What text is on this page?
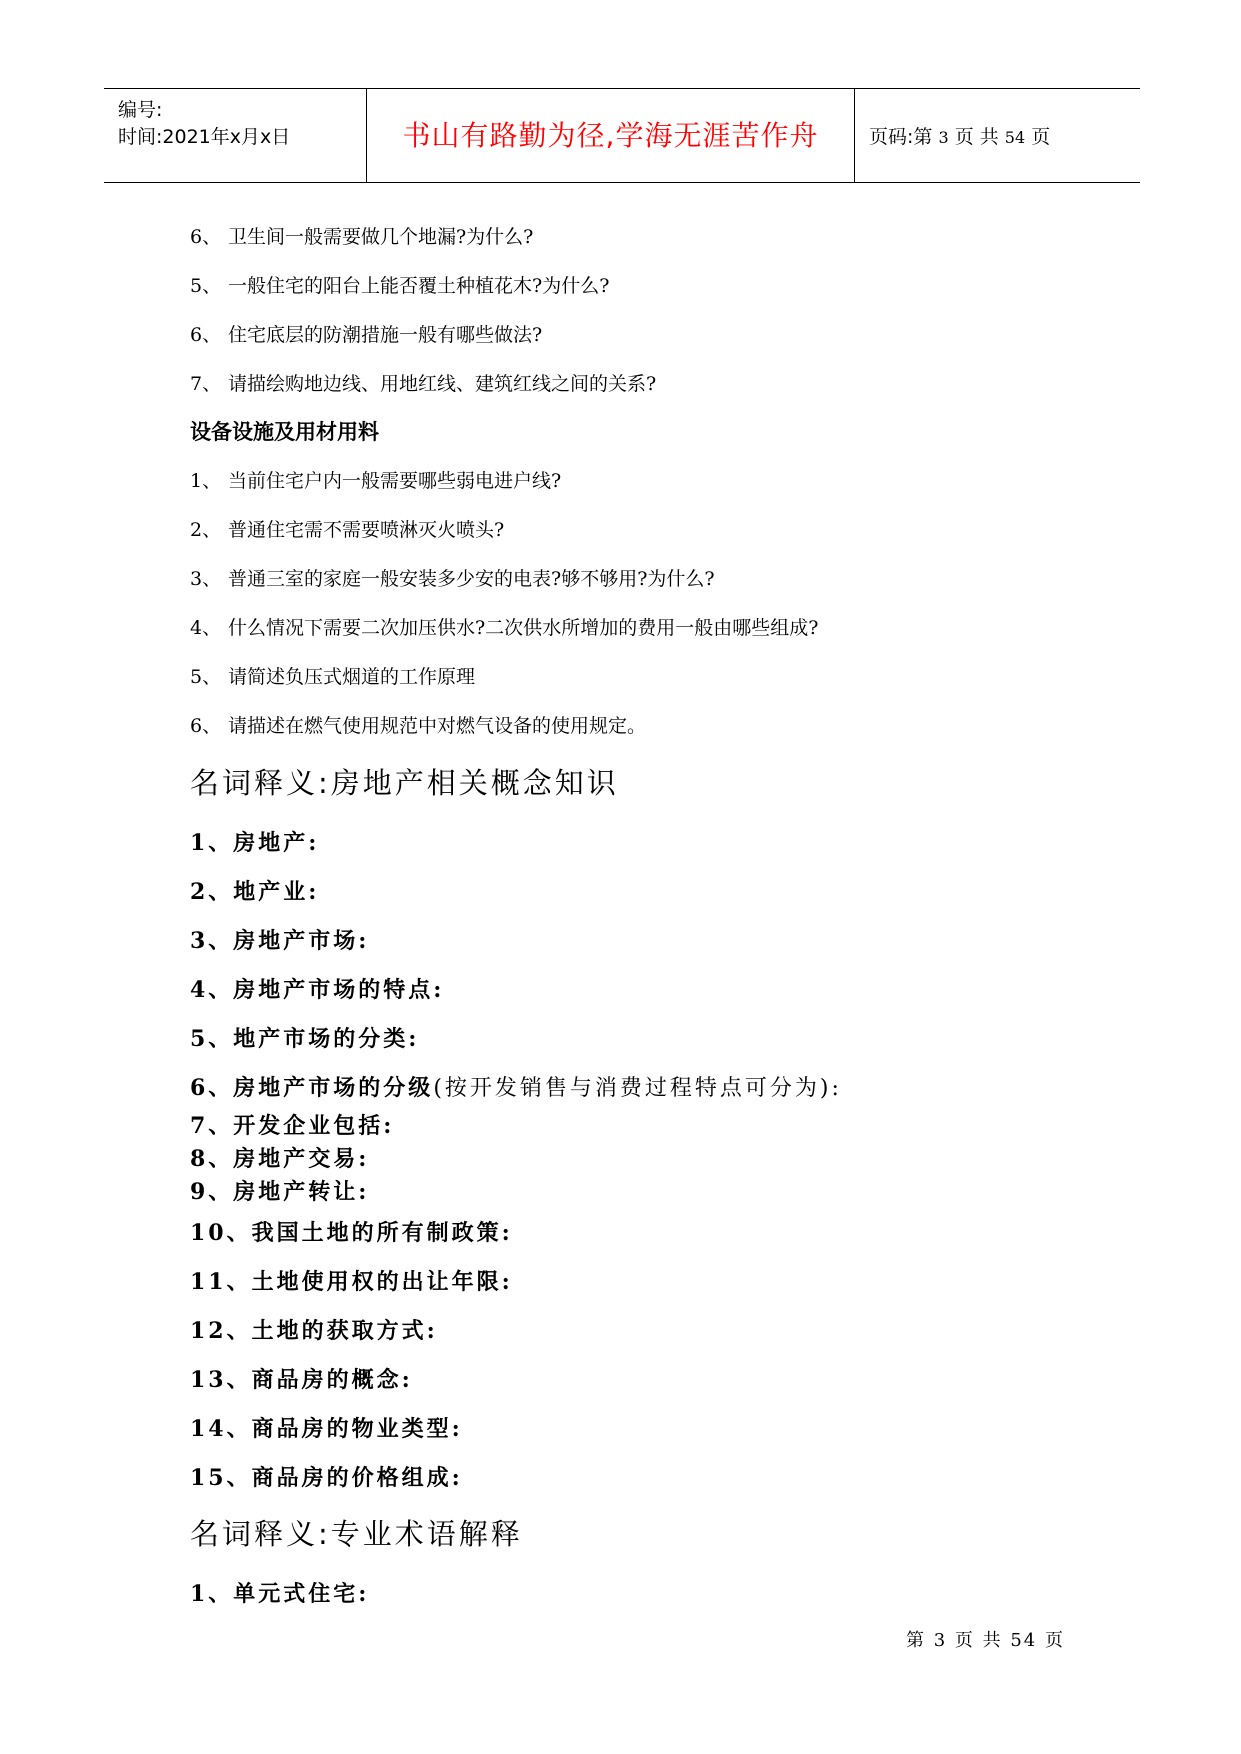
编号:
时间:2021年x月x日	书山有路勤为径,学海无涯苦作舟	页码:第 3 页 共 54 页
6、 卫生间一般需要做几个地漏?为什么?
5、 一般住宅的阳台上能否覆土种植花木?为什么?
6、 住宅底层的防潮措施一般有哪些做法?
7、 请描绘购地边线、用地红线、建筑红线之间的关系?
设备设施及用材用料
1、 当前住宅户内一般需要哪些弱电进户线?
2、 普通住宅需不需要喷淋灭火喷头?
3、 普通三室的家庭一般安装多少安的电表?够不够用?为什么?
4、 什么情况下需要二次加压供水?二次供水所增加的费用一般由哪些组成?
5、 请简述负压式烟道的工作原理
6、 请描述在燃气使用规范中对燃气设备的使用规定。
名词释义:房地产相关概念知识
1、房地产:
2、地产业:
3、房地产市场:
4、房地产市场的特点:
5、地产市场的分类:
6、房地产市场的分级(按开发销售与消费过程特点可分为):
7、开发企业包括:
8、房地产交易:
9、房地产转让:
10、我国土地的所有制政策:
11、土地使用权的出让年限:
12、土地的获取方式:
13、商品房的概念:
14、商品房的物业类型:
15、商品房的价格组成:
名词释义:专业术语解释
1、单元式住宅:
第 3 页 共 54 页
